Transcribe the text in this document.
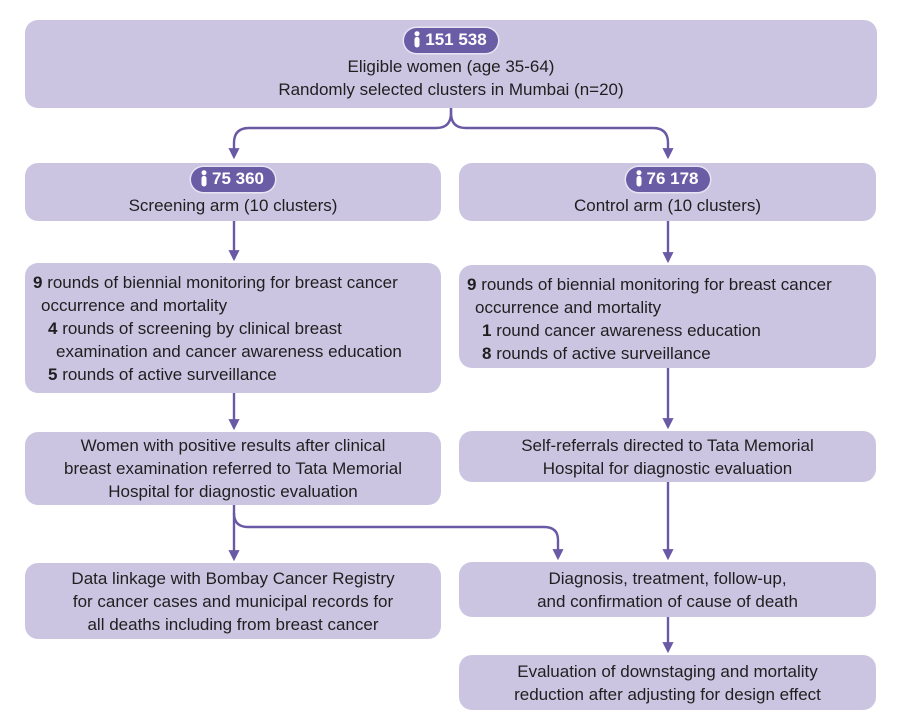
151 538
Eligible women (age 35-64)
Randomly selected clusters in Mumbai (n=20)
75 360
Screening arm (10 clusters)
76 178
Control arm (10 clusters)
9 rounds of biennial monitoring for breast cancer
occurrence and mortality
4 rounds of screening by clinical breast
examination and cancer awareness education
5 rounds of active surveillance
9 rounds of biennial monitoring for breast cancer
occurrence and mortality
1 round cancer awareness education
8 rounds of active surveillance
Women with positive results after clinical
breast examination referred to Tata Memorial
Hospital for diagnostic evaluation
Self-referrals directed to Tata Memorial
Hospital for diagnostic evaluation
Data linkage with Bombay Cancer Registry
for cancer cases and municipal records for
all deaths including from breast cancer
Diagnosis, treatment, follow-up,
and confirmation of cause of death
Evaluation of downstaging and mortality
reduction after adjusting for design effect
